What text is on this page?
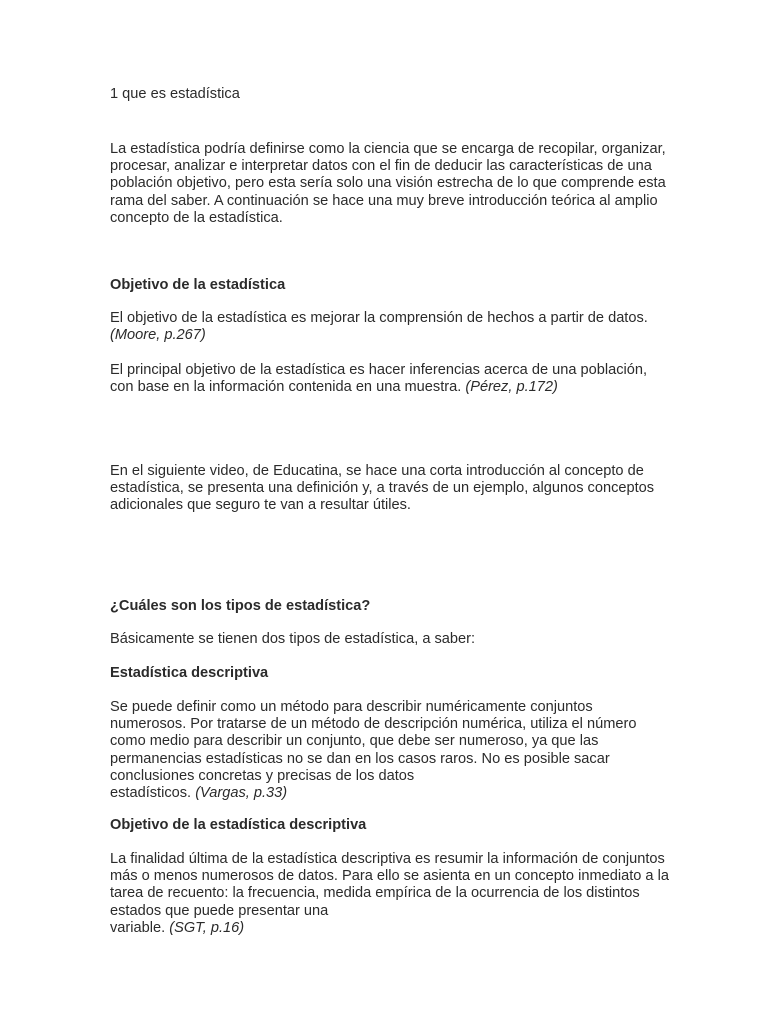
1 que es estadística

La estadística podría definirse como la ciencia que se encarga de recopilar, organizar, procesar, analizar e interpretar datos con el fin de deducir las características de una población objetivo, pero esta sería solo una visión estrecha de lo que comprende esta rama del saber. A continuación se hace una muy breve introducción teórica al amplio concepto de la estadística.

Objetivo de la estadística

El objetivo de la estadística es mejorar la comprensión de hechos a partir de datos. (Moore, p.267)

El principal objetivo de la estadística es hacer inferencias acerca de una población, con base en la información contenida en una muestra. (Pérez, p.172)

En el siguiente video, de Educatina, se hace una corta introducción al concepto de estadística, se presenta una definición y, a través de un ejemplo, algunos conceptos adicionales que seguro te van a resultar útiles.

¿Cuáles son los tipos de estadística?

Básicamente se tienen dos tipos de estadística, a saber:

Estadística descriptiva

Se puede definir como un método para describir numéricamente conjuntos numerosos. Por tratarse de un método de descripción numérica, utiliza el número como medio para describir un conjunto, que debe ser numeroso, ya que las permanencias estadísticas no se dan en los casos raros. No es posible sacar conclusiones concretas y precisas de los datos
estadísticos. (Vargas, p.33)

Objetivo de la estadística descriptiva

La finalidad última de la estadística descriptiva es resumir la información de conjuntos más o menos numerosos de datos. Para ello se asienta en un concepto inmediato a la tarea de recuento: la frecuencia, medida empírica de la ocurrencia de los distintos estados que puede presentar una
variable. (SGT, p.16)
